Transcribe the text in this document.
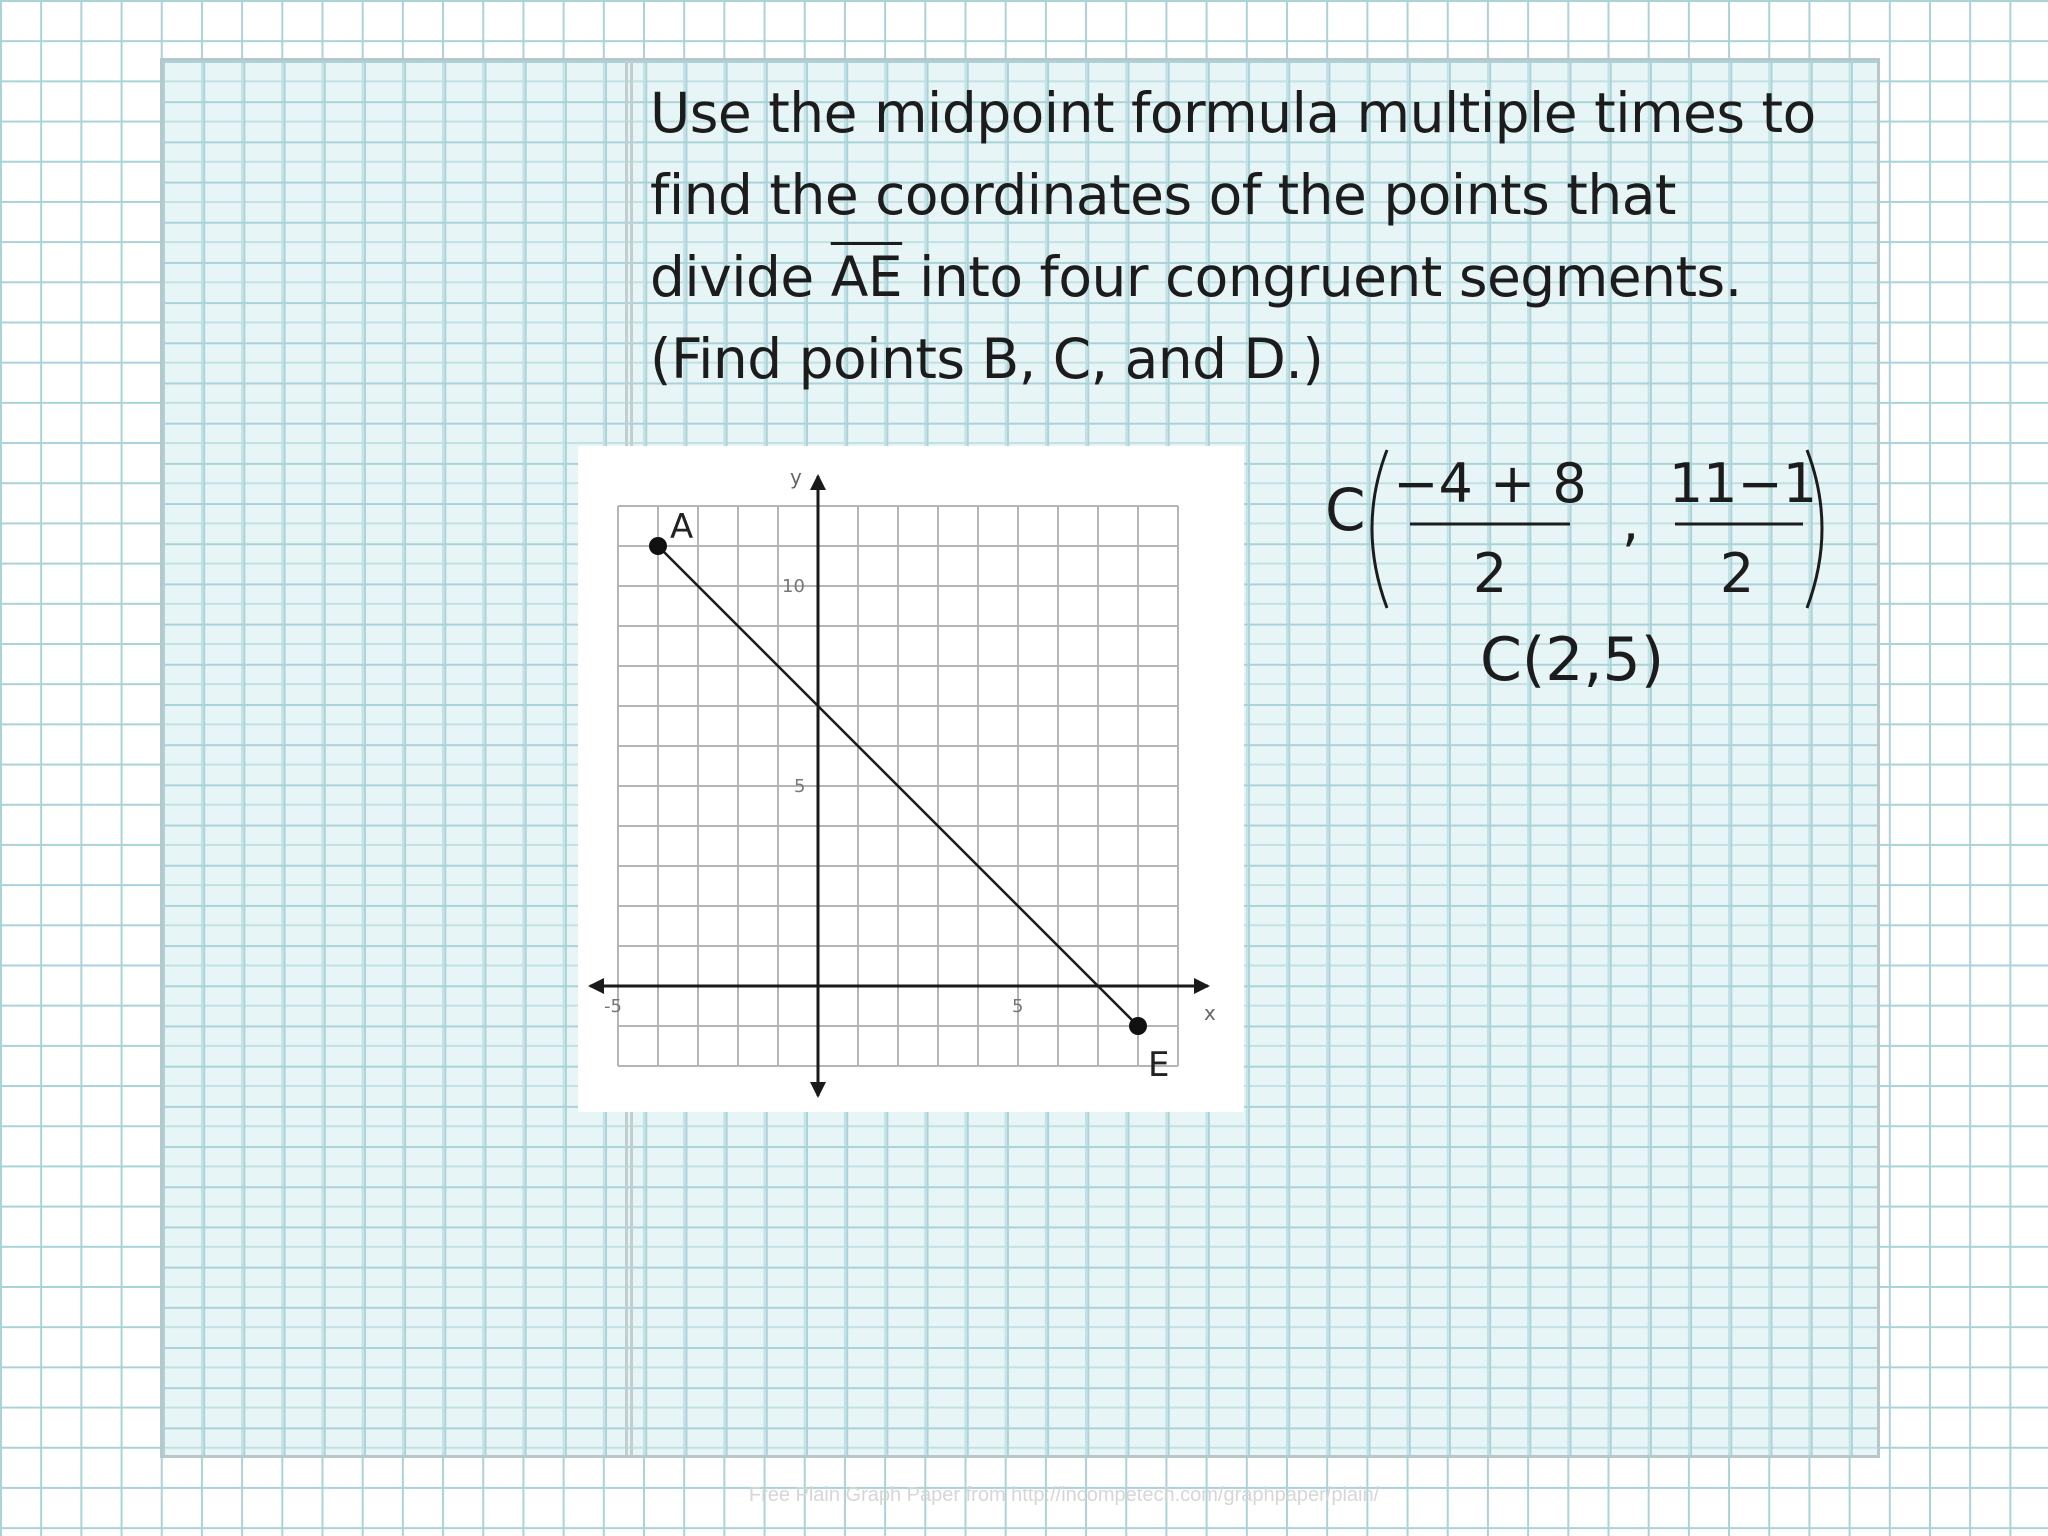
Use the midpoint formula multiple times to
find the coordinates of the points that
divide $\overline{AE}$ into four congruent segments.
(Find points B, C, and D.)
A
E
x
y
-5	5
5
10
C −4 + 8
2
,
11−1
2
C(2,5)
Free Plain Graph Paper from http://incompetech.com/graphpaper/plain/
